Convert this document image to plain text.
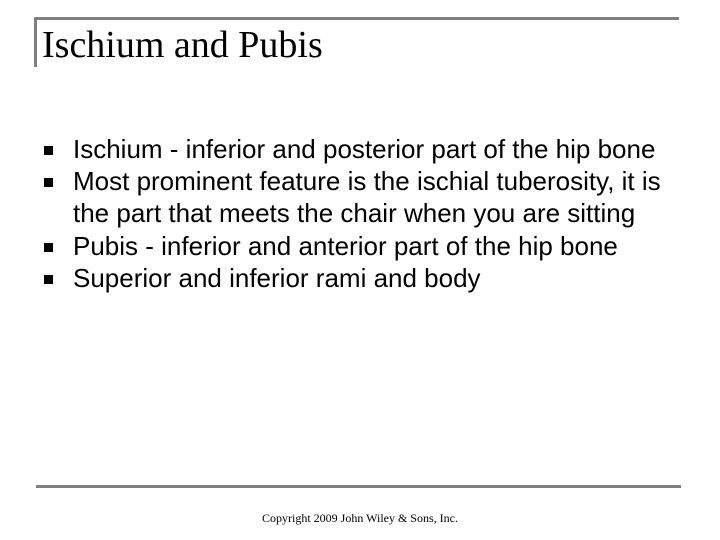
Ischium and Pubis
Ischium - inferior and posterior part of the hip bone
Most prominent feature is the ischial tuberosity, it is the part that meets the chair when you are sitting
Pubis - inferior and anterior part of the hip bone
Superior and inferior rami and body
Copyright 2009 John Wiley & Sons, Inc.
